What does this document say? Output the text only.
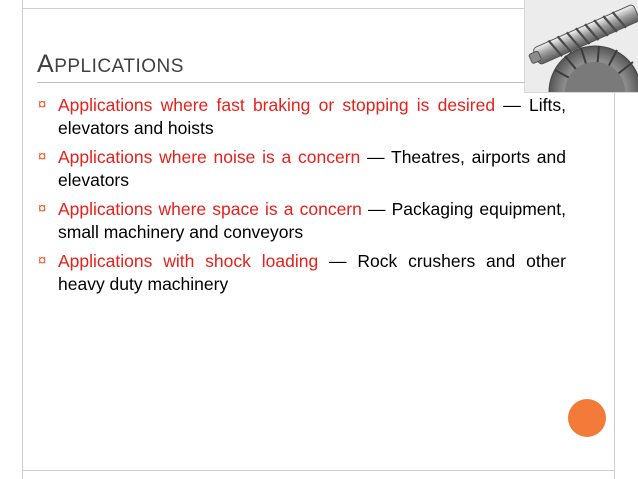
APPLICATIONS
¤ Applications where fast braking or stopping is desired — Lifts, elevators and hoists
¤ Applications where noise is a concern — Theatres, airports and elevators
¤ Applications where space is a concern — Packaging equipment, small machinery and conveyors
¤ Applications with shock loading — Rock crushers and other heavy duty machinery
